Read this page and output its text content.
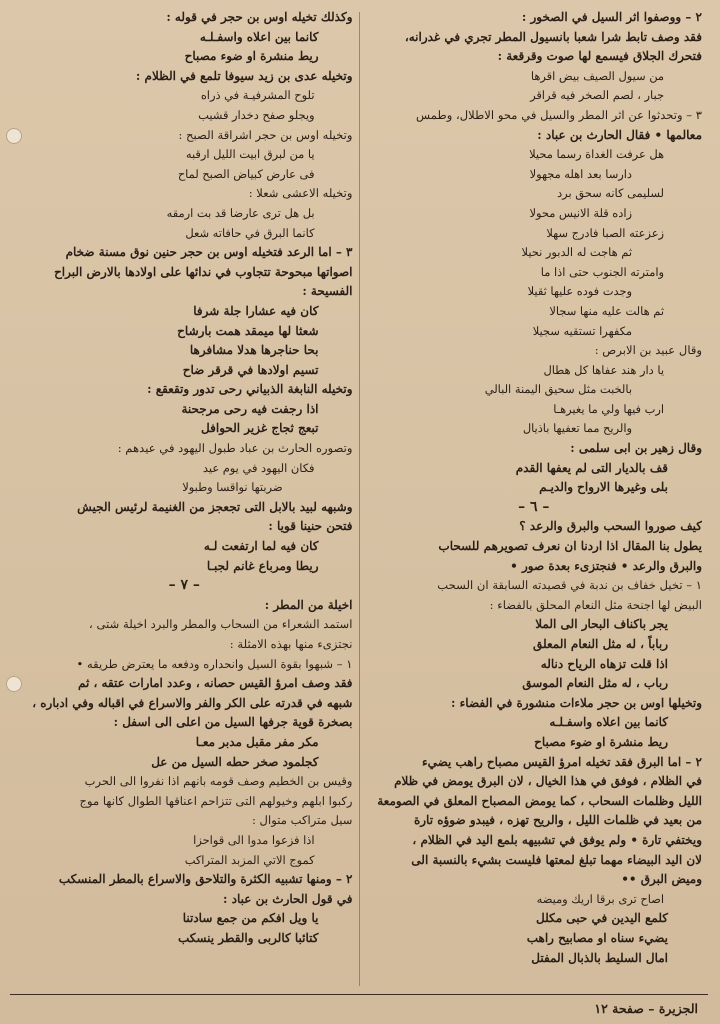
٢ – ووصفوا اثر السيل في الصخور :
فقد وصف تابط شرا شعبا بانسيول المطر تجري في غدرانه،
فتحرك الجلاق فيسمع لها صوت وقرقعة :
من سيول الصيف بيض اقرها
جبار ، لصم الصخر فيه قراقر
٣ – وتحدثوا عن اثر المطر والسيل في محو الاطلال، وطمس
معالمها • فقال الحارث بن عباد :
هل عرفت الغداة رسما محيلا
دارسا بعد اهله مجهولا
لسليمى كانه سحق برد
زاده قلة الانيس محولا
زعزعته الصبا فادرج سهلا
ثم هاجت له الدبور نحيلا
وامترته الجنوب حتى اذا ما
وجدت فوده عليها ثقيلا
ثم هالت عليه منها سجالا
مكفهرا تستقيه سجيلا
وقال عبيد بن الابرص :
يا دار هند عفاها كل هطال
بالخبت مثل سحيق اليمنة البالي
ارب فيها ولي ما يغيرهـا
والريح مما تعفيها باذيال
وقال زهير بن ابى سلمى :
قف بالديار التى لم يعفها القدم
بلى وغيرها الارواح والديـم
– ٦ –
كيف صوروا السحب والبرق والرعد ؟
يطول بنا المقال اذا اردنا ان نعرف تصويرهم للسحاب
والبرق والرعد • فنجتزىء بعدة صور •
١ – تخيل خفاف بن ندبة في قصيدته السابقة ان السحب
البيض لها اجنحة مثل النعام المحلق بالفضاء :
يجر باكناف البحار الى الملا
رباباً ، له مثل النعام المعلق
اذا قلت تزهاه الرياح دناله
رباب ، له مثل النعام الموسق
وتخيلها اوس بن حجر ملاءات منشورة في الفضاء :
كانما بين اعلاه واسفـلـه
ريط منشرة او ضوء مصباح
٢ – اما البرق فقد تخيله امرؤ القيس مصباح راهب يضيء
في الظلام ، فوفق في هذا الخيال ، لان البرق يومض في ظلام
الليل وظلمات السحاب ، كما يومض المصباح المعلق في الصومعة
من بعيد في ظلمات الليل ، والريح تهزه ، فيبدو ضوؤه تارة
ويختفي تارة • ولم يوفق في تشبيهه بلمع اليد في الظلام ،
لان اليد البيضاء مهما تبلغ لمعتها فليست بشيء بالنسبة الى
وميض البرق ••
اصاح ترى برقا اريك وميضه
كلمع اليدين في حبى مكلل
يضيء سناه او مصابيح راهب
امال السليط بالذبال المفتل
وكذلك تخيله اوس بن حجر في قوله :
كانما بين اعلاه واسفـلـه
ريط منشرة او ضوء مصباح
وتخيله عدى بن زيد سيوفا تلمع في الظلام :
تلوح المشرفيـة في ذراه
ويجلو صفح دخدار قشيب
وتخيله اوس بن حجر اشراقة الصبح :
يا من لبرق ابيت الليل ارقبه
فى عارض كبياض الصبح لماح
وتخيله الاعشى شعلا :
بل هل ترى عارضا قد بت ارمقه
كانما البرق في حافاته شعل
٣ – اما الرعد فتخيله اوس بن حجر حنين نوق مسنة ضخام
اصواتها مبحوحة تتجاوب في ندائها على اولادها بالارض البراح
الفسيحة :
كان فيه عشارا جلة شرفا
شعثا لها ميمقد همت بارشاح
بحا حناجرها هدلا مشافرها
تسيم اولادها في قرقر ضاح
وتخيله النابغة الذبياني رحى تدور وتقعقع :
اذا رجفت فيه رحى مرجحنة
تبعج ثجاج غزير الحوافل
وتصوره الحارث بن عباد طبول اليهود في عيدهم :
فكان اليهود في يوم عيد
ضربتها نواقسا وطبولا
وشبهه لبيد بالابل التى تجعجز من الغنيمة لرئيس الجيش
فتحن حنينا قويا :
كان فيه لما ارتفعت لـه
ريطا ومرباع غانم لجبـا
– ٧ –
اخيلة من المطر :
استمد الشعراء من السحاب والمطر والبرد اخيلة شتى ،
نجتزىء منها بهذه الامثلة :
١ – شبهوا بقوة السيل وانحداره ودفعه ما يعترض طريقه •
فقد وصف امرؤ القيس حصانه ، وعدد امارات عتقه ، ثم
شبهه في قدرته على الكر والفر والاسراع في اقباله وفي ادباره ،
بصخرة قوية جرفها السيل من اعلى الى اسفل :
مكر مفر مقبل مدبر معـا
كجلمود صخر حطه السيل من عل
وقيس بن الخطيم وصف قومه بانهم اذا نفروا الى الحرب
ركبوا ابلهم وخيولهم التى تتزاحم اعناقها الطوال كانها موج
سيل متراكب متوال :
اذا فزعوا مدوا الى قواحزا
كموج الاتي المزبد المتراكب
٢ – ومنها تشبيه الكثرة والتلاحق والاسراع بالمطر المنسكب
في قول الحارث بن عباد :
يا ويل افكم من جمع سادتنا
كتائبا كالربى والقطر ينسكب
الجزيرة – صفحة ١٢
